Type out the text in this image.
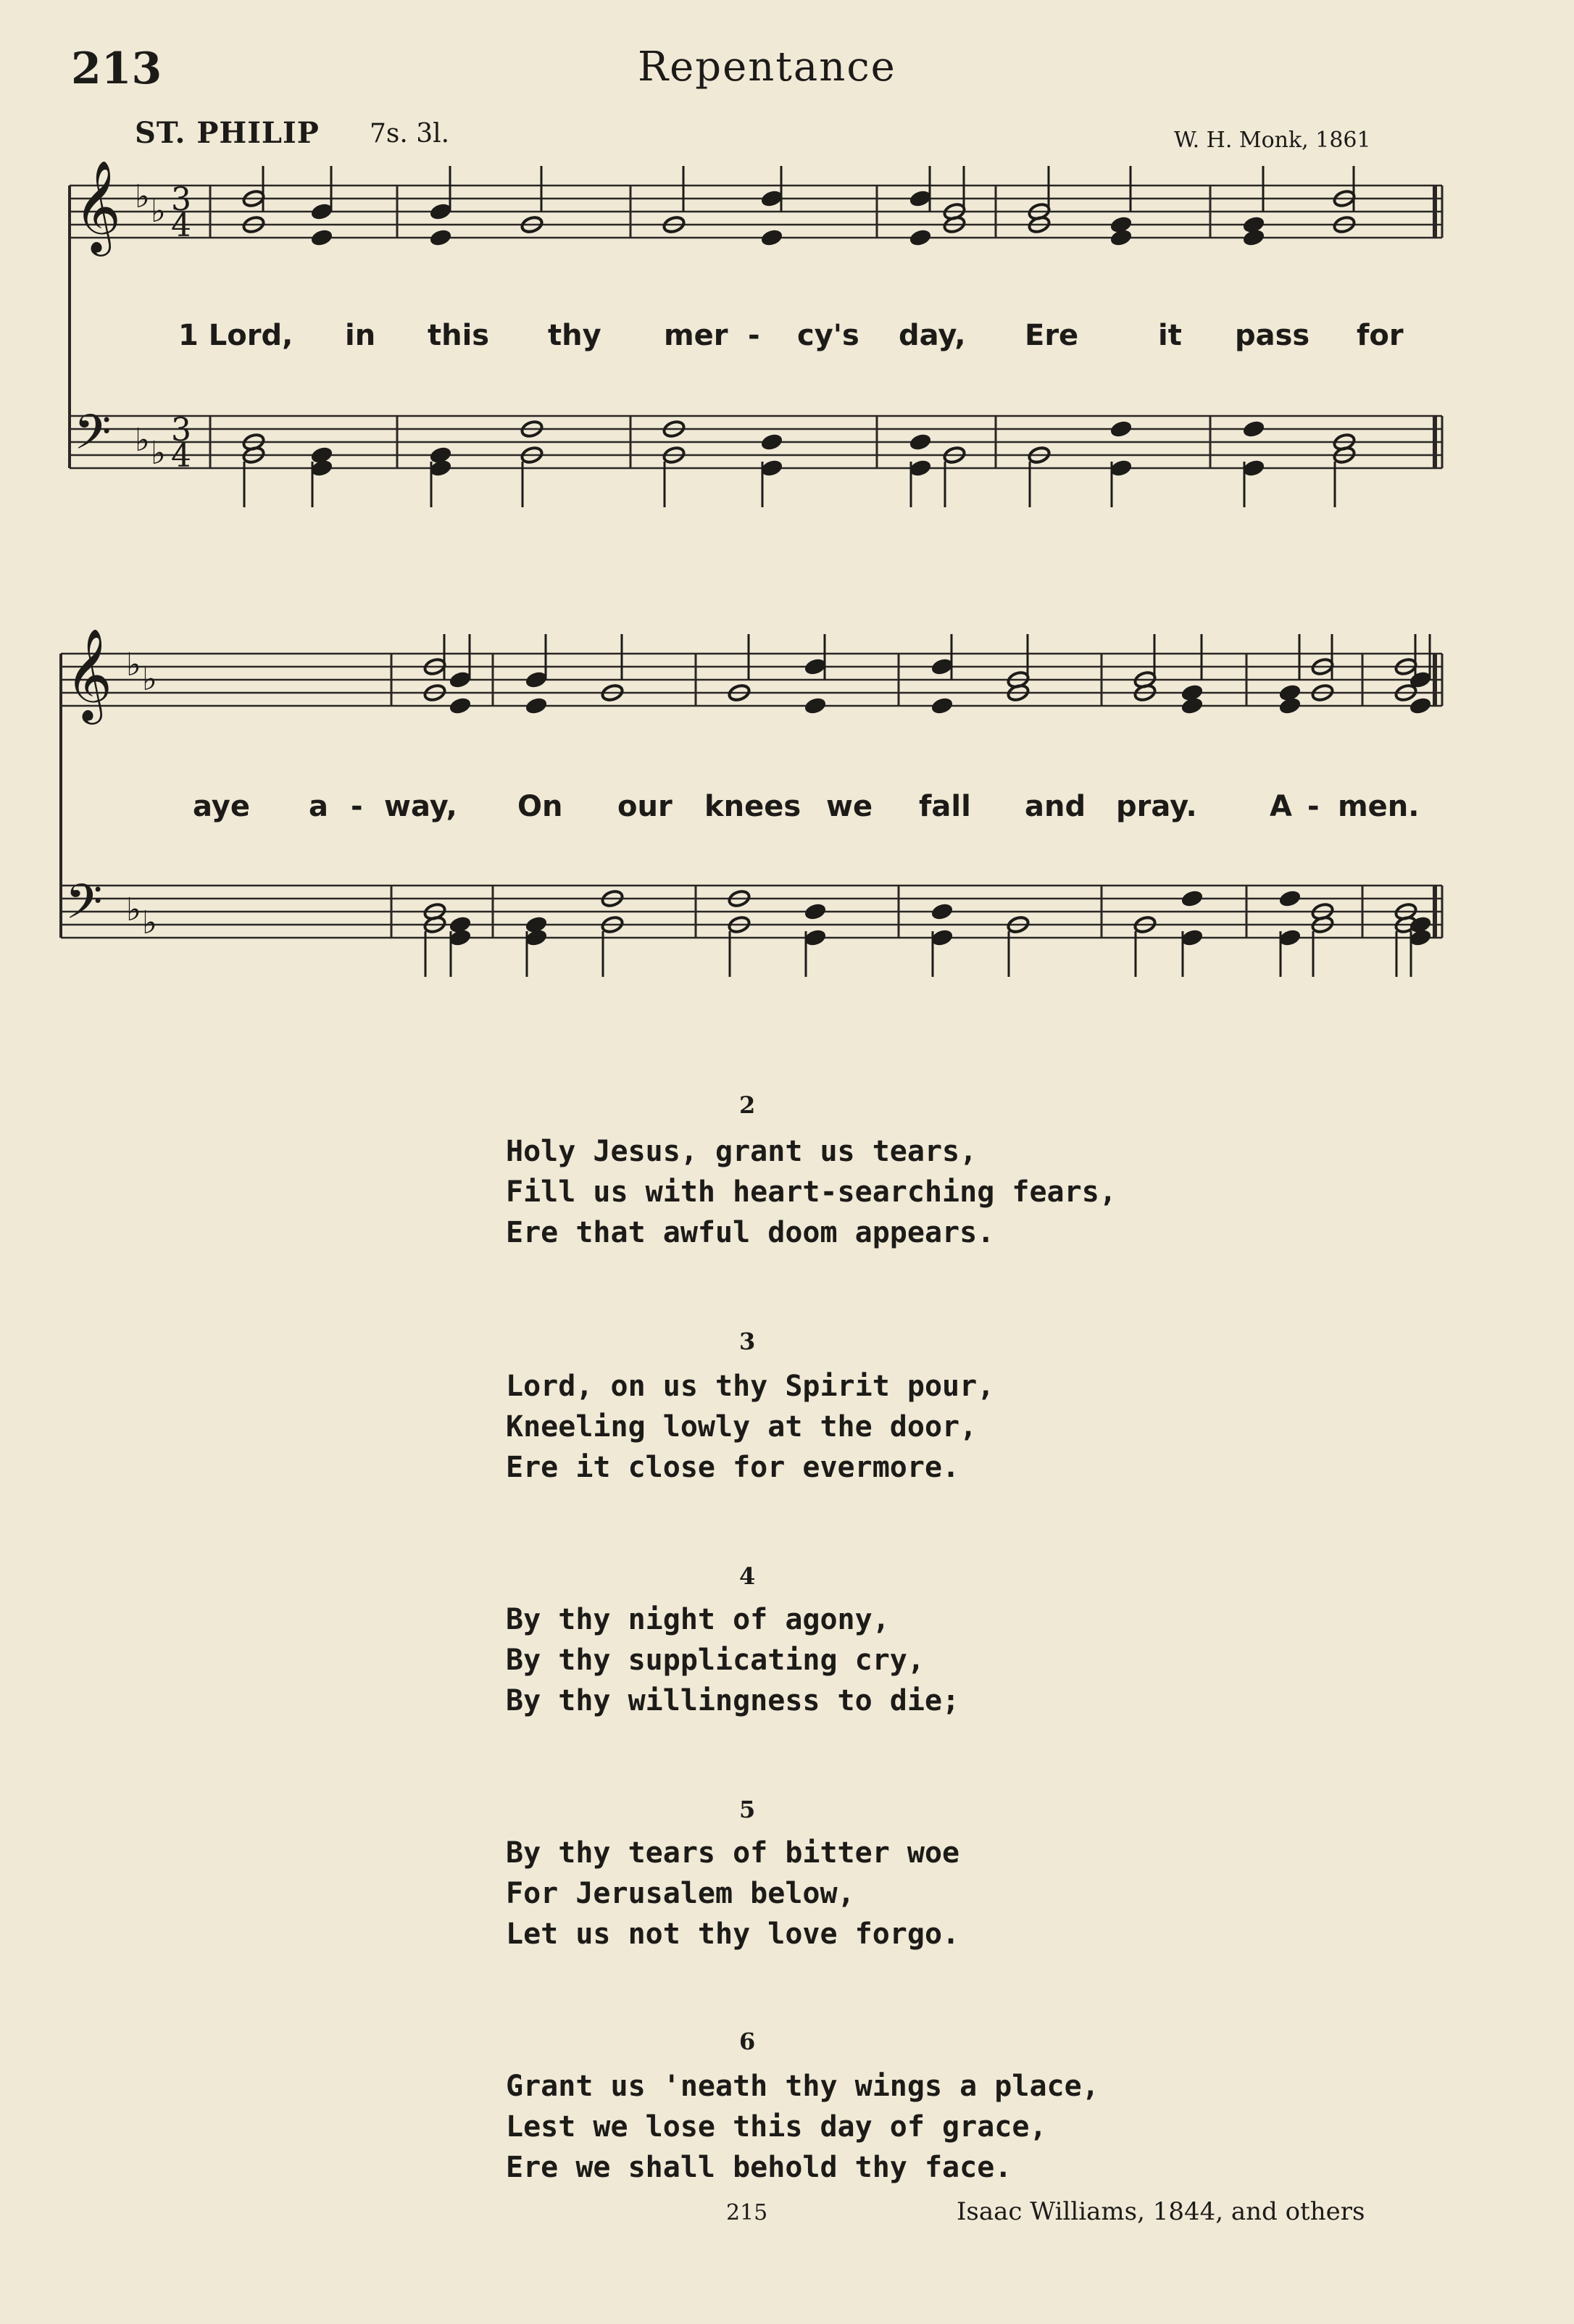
213	Repentance
ST. PHILIP 7s. 3l.	W. H. Monk, 1861
𝄞
𝄢
♭ ♭
♭ ♭
3
4
3
4
𝄞
𝄢
♭ ♭
♭ ♭
1 Lord, in this thy mer - cy's day, Ere	it pass for
aye a - way, On our knees we fall and pray.	A - men.
2
Holy Jesus, grant us tears,
Fill us with heart-searching fears,
Ere that awful doom appears.
3
Lord, on us thy Spirit pour,
Kneeling lowly at the door,
Ere it close for evermore.
4
By thy night of agony,
By thy supplicating cry,
By thy willingness to die;
5
By thy tears of bitter woe
For Jerusalem below,
Let us not thy love forgo.
6
Grant us 'neath thy wings a place,
Lest we lose this day of grace,
Ere we shall behold thy face.
215	Isaac Williams, 1844, and others
